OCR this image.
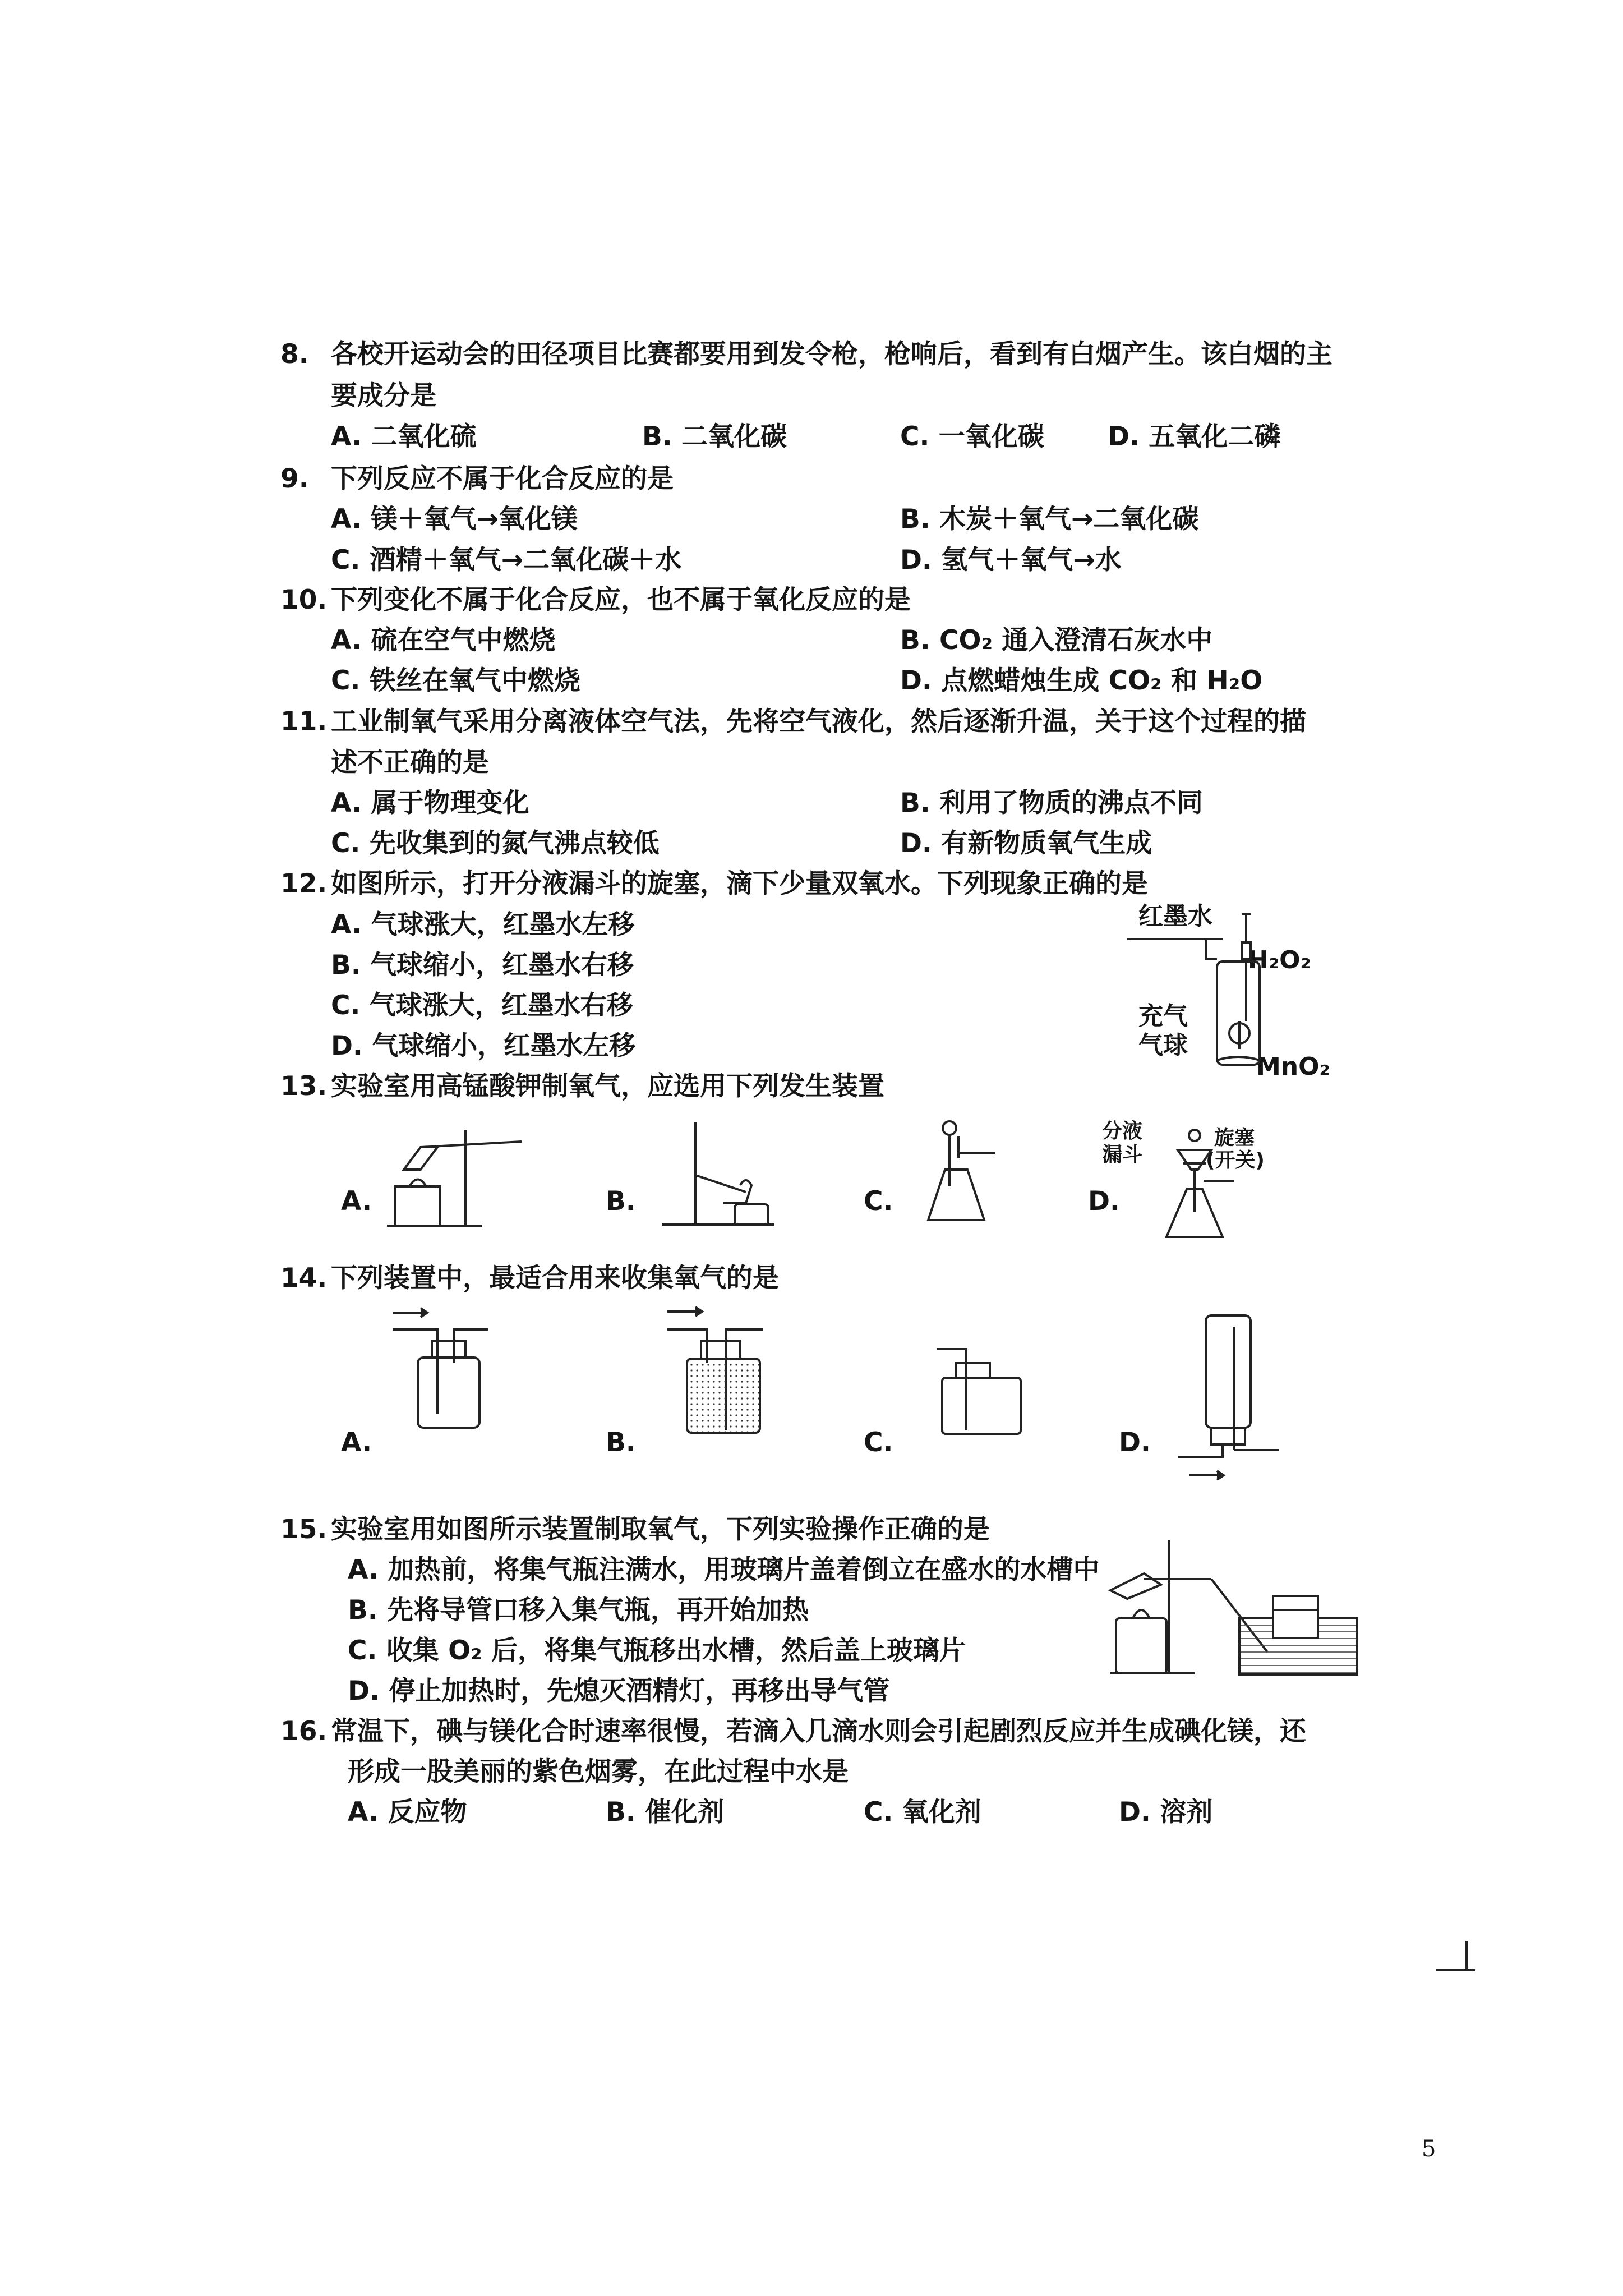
8. 各校开运动会的田径项目比赛都要用到发令枪，枪响后，看到有白烟产生。该白烟的主
要成分是
A. 二氧化硫	B. 二氧化碳	C. 一氧化碳 D. 五氧化二磷
9. 下列反应不属于化合反应的是
A. 镁＋氧气→氧化镁	B. 木炭＋氧气→二氧化碳
C. 酒精＋氧气→二氧化碳＋水	D. 氢气＋氧气→水
10. 下列变化不属于化合反应，也不属于氧化反应的是
A. 硫在空气中燃烧	B. CO₂ 通入澄清石灰水中
C. 铁丝在氧气中燃烧	D. 点燃蜡烛生成 CO₂ 和 H₂O
11. 工业制氧气采用分离液体空气法，先将空气液化，然后逐渐升温，关于这个过程的描
述不正确的是
A. 属于物理变化	B. 利用了物质的沸点不同
C. 先收集到的氮气沸点较低	D. 有新物质氧气生成
12. 如图所示，打开分液漏斗的旋塞，滴下少量双氧水。下列现象正确的是
A. 气球涨大，红墨水左移
B. 气球缩小，红墨水右移
C. 气球涨大，红墨水右移
D. 气球缩小，红墨水左移
红墨水
H₂O₂
充气
气球
MnO₂
13. 实验室用高锰酸钾制氧气，应选用下列发生装置
A.	B.	C.
分液
漏斗
旋塞
(开关)
D.
14. 下列装置中，最适合用来收集氧气的是
A.	B.	C.	D.
15. 实验室用如图所示装置制取氧气，下列实验操作正确的是
A. 加热前，将集气瓶注满水，用玻璃片盖着倒立在盛水的水槽中
B. 先将导管口移入集气瓶，再开始加热
C. 收集 O₂ 后，将集气瓶移出水槽，然后盖上玻璃片
D. 停止加热时，先熄灭酒精灯，再移出导气管
16. 常温下，碘与镁化合时速率很慢，若滴入几滴水则会引起剧烈反应并生成碘化镁，还
形成一股美丽的紫色烟雾，在此过程中水是
A. 反应物	B. 催化剂	C. 氧化剂	D. 溶剂
5
